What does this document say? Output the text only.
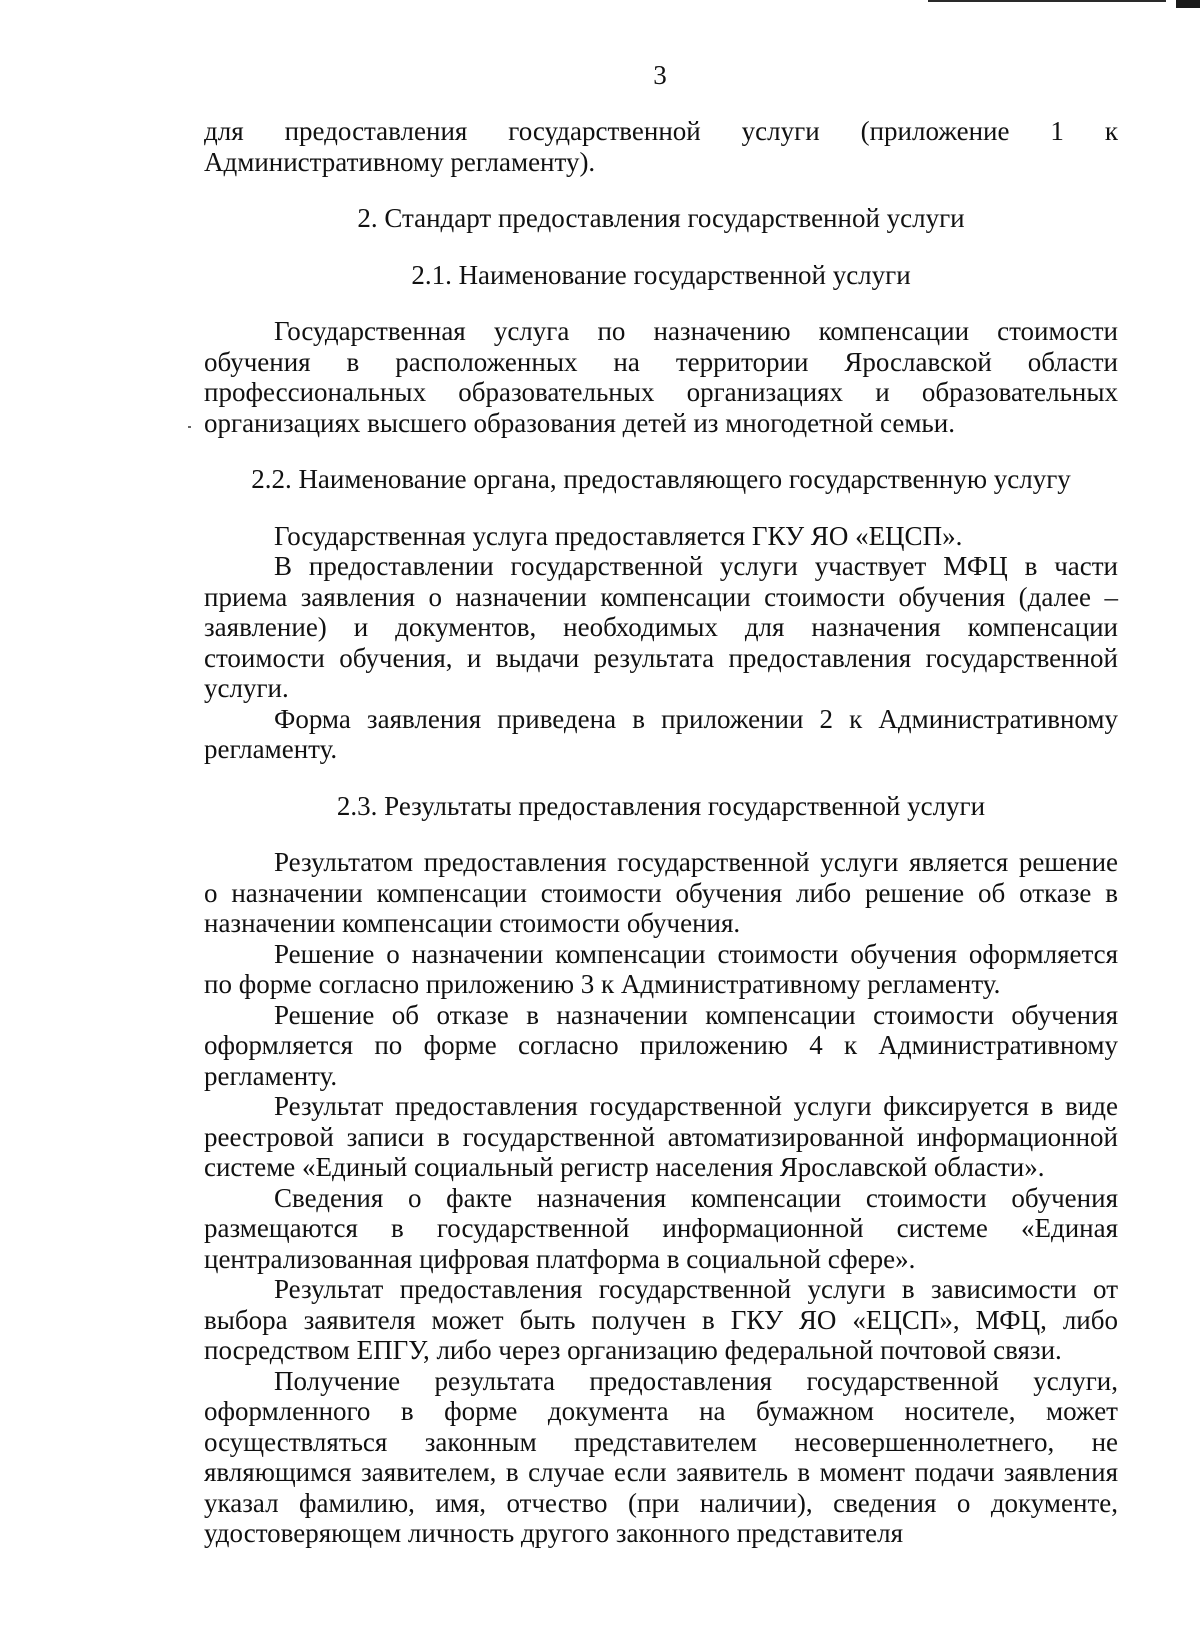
3

для предоставления государственной услуги (приложение 1 к Административному регламенту).

2. Стандарт предоставления государственной услуги

2.1. Наименование государственной услуги

Государственная услуга по назначению компенсации стоимости обучения в расположенных на территории Ярославской области профессиональных образовательных организациях и образовательных организациях высшего образования детей из многодетной семьи.

2.2. Наименование органа, предоставляющего государственную услугу

Государственная услуга предоставляется ГКУ ЯО «ЕЦСП».

В предоставлении государственной услуги участвует МФЦ в части приема заявления о назначении компенсации стоимости обучения (далее – заявление) и документов, необходимых для назначения компенсации стоимости обучения, и выдачи результата предоставления государственной услуги.

Форма заявления приведена в приложении 2 к Административному регламенту.

2.3. Результаты предоставления государственной услуги

Результатом предоставления государственной услуги является решение о назначении компенсации стоимости обучения либо решение об отказе в назначении компенсации стоимости обучения.

Решение о назначении компенсации стоимости обучения оформляется по форме согласно приложению 3 к Административному регламенту.

Решение об отказе в назначении компенсации стоимости обучения оформляется по форме согласно приложению 4 к Административному регламенту.

Результат предоставления государственной услуги фиксируется в виде реестровой записи в государственной автоматизированной информационной системе «Единый социальный регистр населения Ярославской области».

Сведения о факте назначения компенсации стоимости обучения размещаются в государственной информационной системе «Единая централизованная цифровая платформа в социальной сфере».

Результат предоставления государственной услуги в зависимости от выбора заявителя может быть получен в ГКУ ЯО «ЕЦСП», МФЦ, либо посредством ЕПГУ, либо через организацию федеральной почтовой связи.

Получение результата предоставления государственной услуги, оформленного в форме документа на бумажном носителе, может осуществляться законным представителем несовершеннолетнего, не являющимся заявителем, в случае если заявитель в момент подачи заявления указал фамилию, имя, отчество (при наличии), сведения о документе, удостоверяющем личность другого законного представителя
